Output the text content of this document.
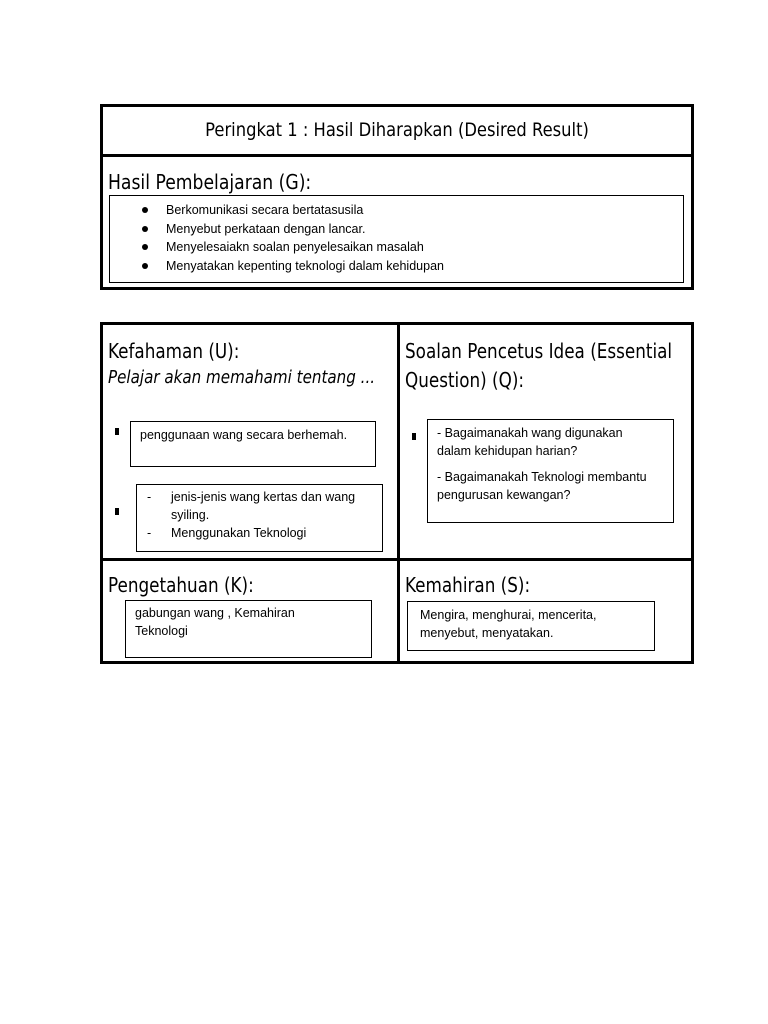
Peringkat 1 : Hasil Diharapkan (Desired Result)
Hasil Pembelajaran (G):
Berkomunikasi secara bertatasusila
Menyebut perkataan dengan lancar.
Menyelesaiakn soalan penyelesaikan masalah
Menyatakan kepenting teknologi dalam kehidupan
Kefahaman (U):
Pelajar akan memahami tentang ...
penggunaan wang secara berhemah.
- jenis-jenis wang kertas dan wang syiling.
- Menggunakan Teknologi
Soalan Pencetus Idea (Essential
Question) (Q):

- Bagaimanakah wang digunakan dalam kehidupan harian?

- Bagaimanakah Teknologi membantu pengurusan kewangan?

Pengetahuan (K):
gabungan wang , Kemahiran Teknologi
Kemahiran (S):
Mengira, menghurai, mencerita, menyebut, menyatakan.
